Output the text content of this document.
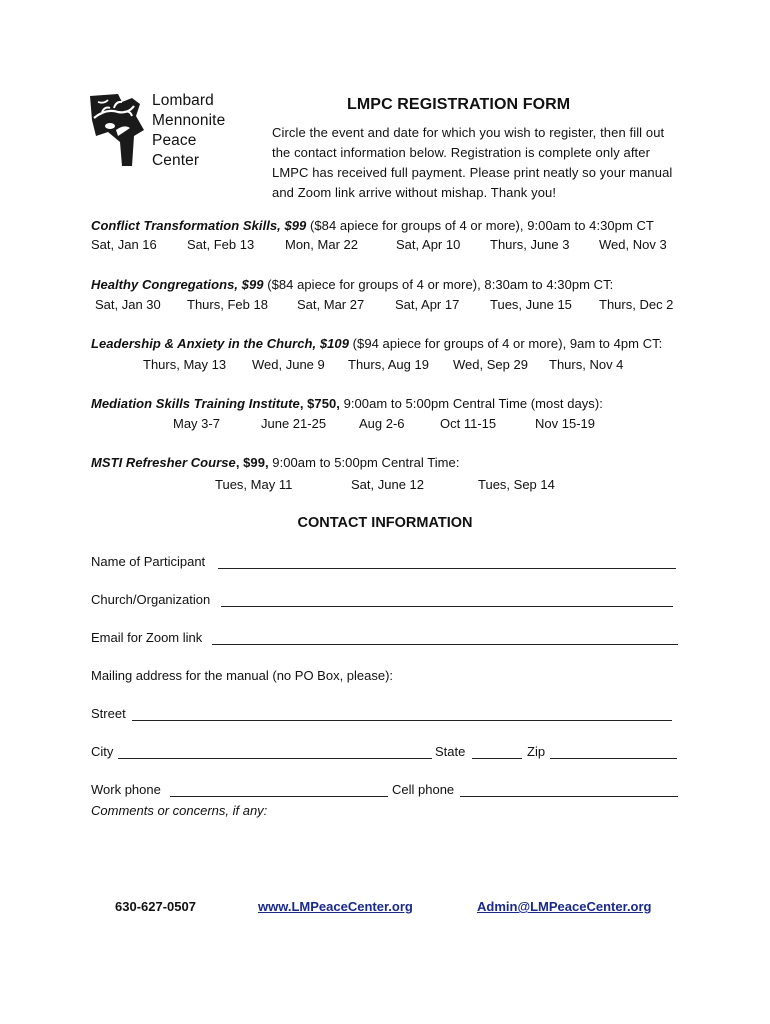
Lombard
Mennonite
Peace
Center
LMPC REGISTRATION FORM
Circle the event and date for which you wish to register, then fill out the contact information below. Registration is complete only after LMPC has received full payment. Please print neatly so your manual and Zoom link arrive without mishap. Thank you!
Conflict Transformation Skills, $99 ($84 apiece for groups of 4 or more), 9:00am to 4:30pm CT
Sat, Jan 16 Sat, Feb 13 Mon, Mar 22	Sat, Apr 10 Thurs, June 3 Wed, Nov 3
Healthy Congregations, $99 ($84 apiece for groups of 4 or more), 8:30am to 4:30pm CT:
Sat, Jan 30 Thurs, Feb 18 Sat, Mar 27 Sat, Apr 17 Tues, June 15 Thurs, Dec 2
Leadership & Anxiety in the Church, $109 ($94 apiece for groups of 4 or more), 9am to 4pm CT:
Thurs, May 13 Wed, June 9 Thurs, Aug 19 Wed, Sep 29 Thurs, Nov 4
Mediation Skills Training Institute, $750, 9:00am to 5:00pm Central Time (most days):
May 3-7	June 21-25	Aug 2-6	Oct 11-15	Nov 15-19
MSTI Refresher Course, $99, 9:00am to 5:00pm Central Time:
Tues, May 11	Sat, June 12	Tues, Sep 14
CONTACT INFORMATION
Name of Participant
Church/Organization
Email for Zoom link
Mailing address for the manual (no PO Box, please):
Street
City	State	Zip
Work phone	Cell phone
Comments or concerns, if any:
630-627-0507	www.LMPeaceCenter.org	Admin@LMPeaceCenter.org
